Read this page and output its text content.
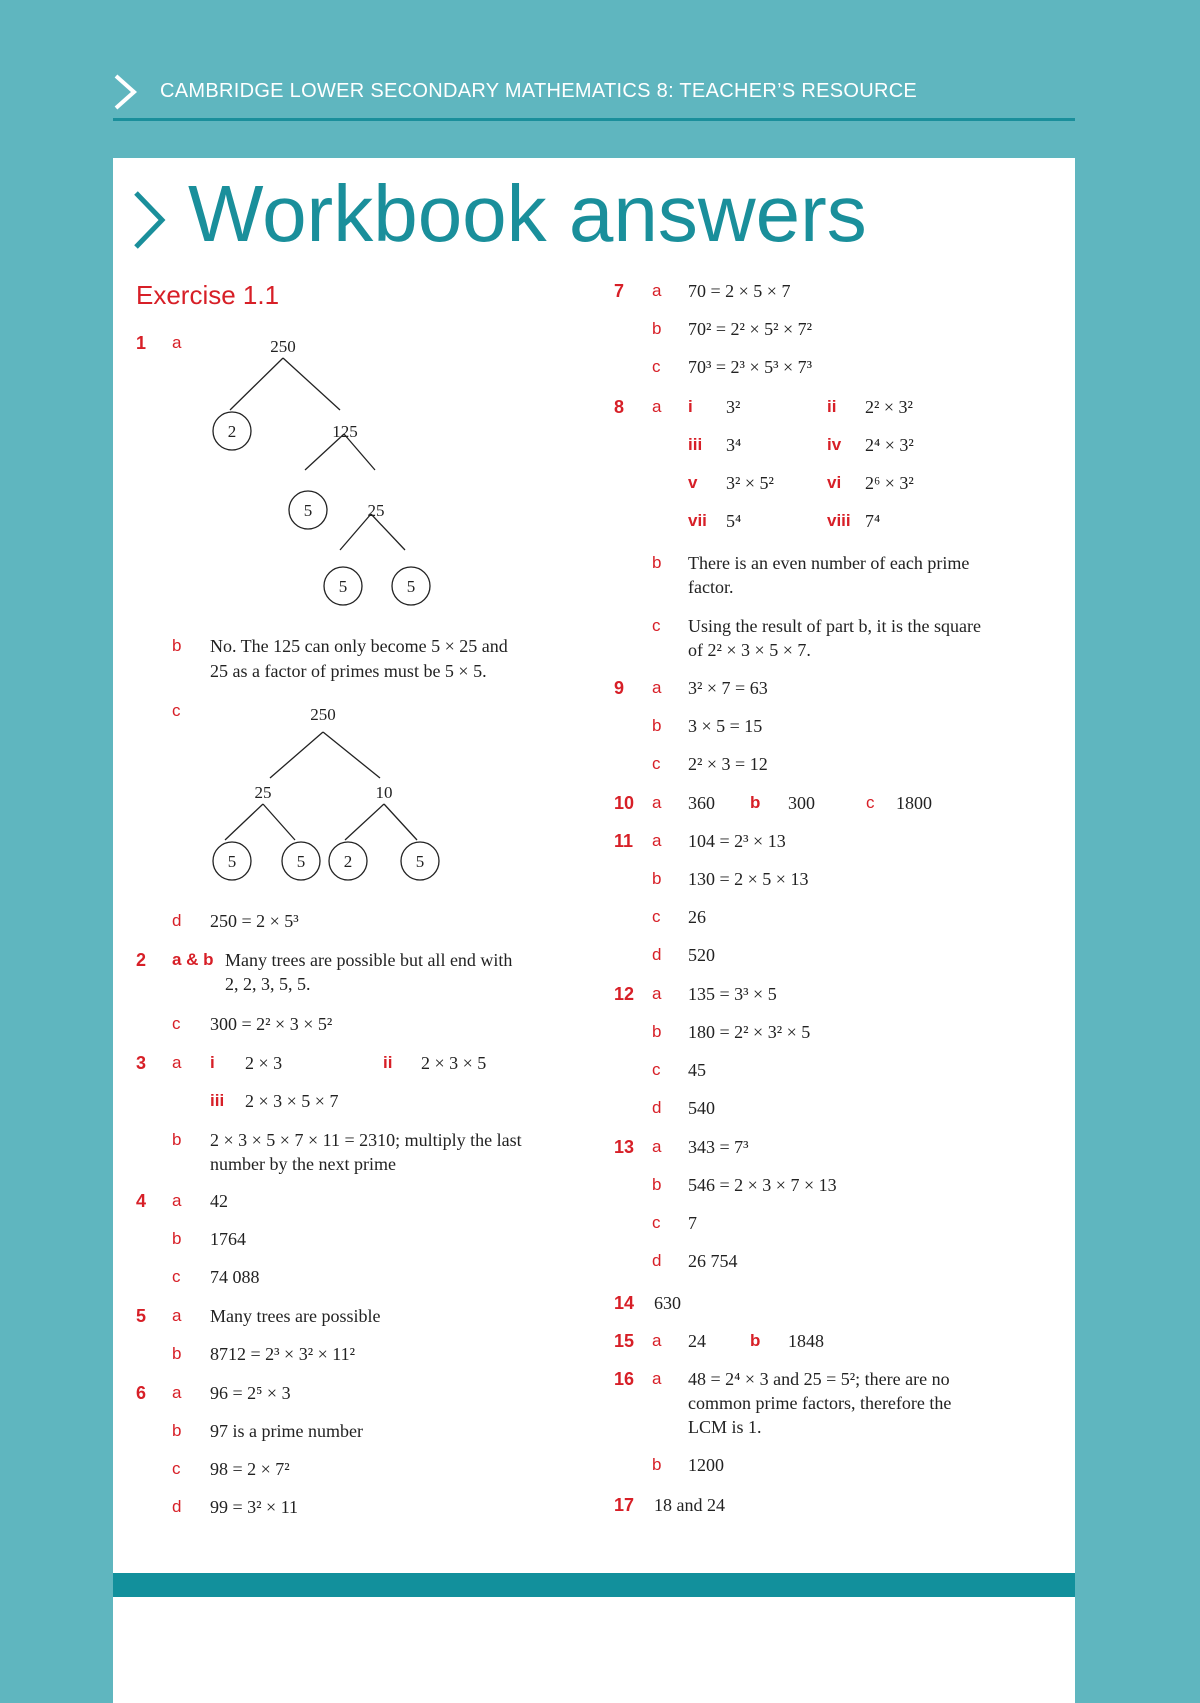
CAMBRIDGE LOWER SECONDARY MATHEMATICS 8: TEACHER’S RESOURCE
Workbook answers
Exercise 1.1
1 a	250
2	125
5	25
5	5
b No. The 125 can only become 5 × 25 and
25 as a factor of primes must be 5 × 5.
c	250
25	10
5	5 2	5
d 250 = 2 × 5³
2 a & b Many trees are possible but all end with
2, 2, 3, 5, 5.
c 300 = 2² × 3 × 5²
3 a i 2 × 3	ii 2 × 3 × 5
iii 2 × 3 × 5 × 7
b 2 × 3 × 5 × 7 × 11 = 2310; multiply the last
number by the next prime
4 a 42
b 1764
c 74 088
5 a Many trees are possible
b 8712 = 2³ × 3² × 11²
6 a 96 = 2⁵ × 3
b 97 is a prime number
c 98 = 2 × 7²
d 99 = 3² × 11
7 a 70 = 2 × 5 × 7
b 70² = 2² × 5² × 7²
c 70³ = 2³ × 5³ × 7³
8 a i 3²	ii 2² × 3²
iii 3⁴	iv 2⁴ × 3²
v 3² × 5²	vi 2⁶ × 3²
vii 5⁴	viii 7⁴
b There is an even number of each prime
factor.
c Using the result of part b, it is the square
of 2² × 3 × 5 × 7.
9 a 3² × 7 = 63
b 3 × 5 = 15
c 2² × 3 = 12
10 a 360 b 300	c 1800
11 a 104 = 2³ × 13
b 130 = 2 × 5 × 13
c 26
d 520
12 a 135 = 3³ × 5
b 180 = 2² × 3² × 5
c 45
d 540
13 a 343 = 7³
b 546 = 2 × 3 × 7 × 13
c 7
d 26 754
14 630
15 a 24	b 1848
16 a 48 = 2⁴ × 3 and 25 = 5²; there are no
common prime factors, therefore the
LCM is 1.
b 1200
17 18 and 24
1	Cambridge Lower Secondary Mathematics 8 – Byrd, Byrd & Pearce © Cambridge University Press 2021
